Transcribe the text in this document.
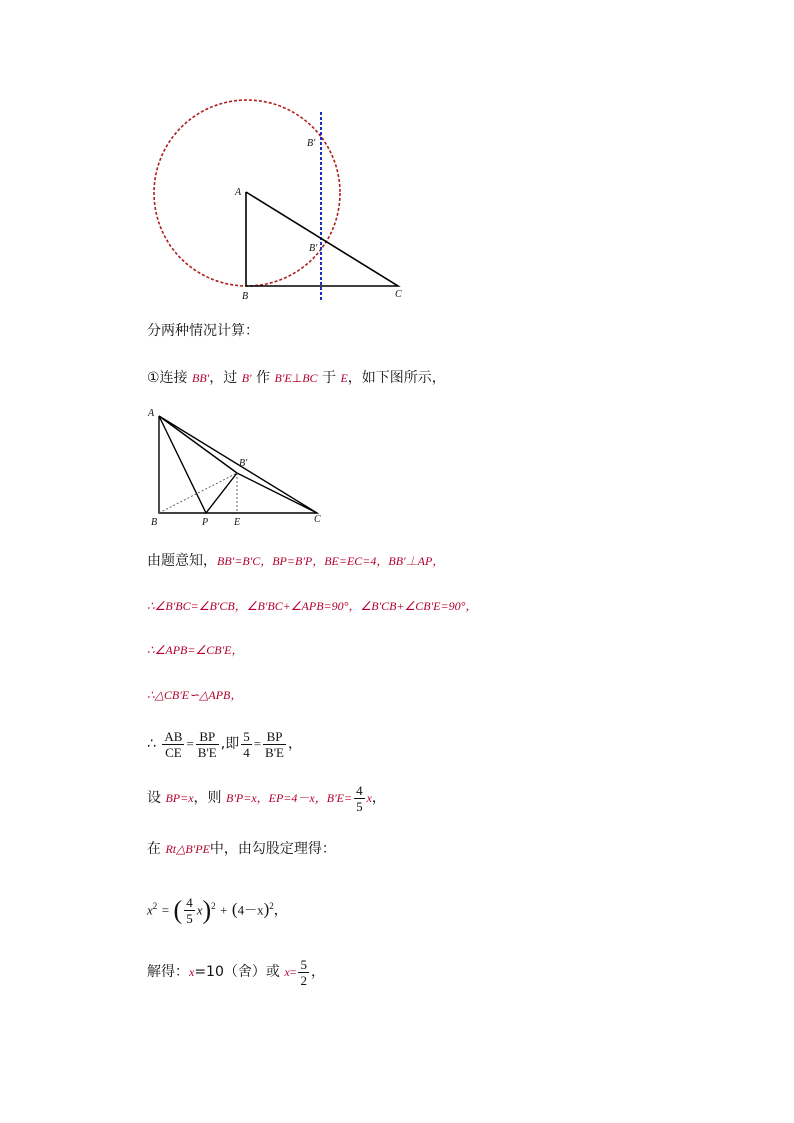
A
B	C
B'
B'
分两种情况计算：
①连接 BB'，过 B' 作 B'E⊥BC 于 E，如下图所示，
A
B	C
P	E
B'
由题意知，BB'=B'C，BP=B'P，BE=EC=4，BB'⊥AP，
∴∠B'BC=∠B'CB，∠B'BC+∠APB=90°，∠B'CB+∠CB'E=90°，
∴∠APB=∠CB'E，
∴△CB'E∽△APB，
∴ $\frac{AB}{CE} = \frac{BP}{B'E}$ ,即 $\frac{5}{4} = \frac{BP}{B'E}$ ，
设 BP=x，则 B'P=x，EP=4－x，$B'E= \frac{4}{5}$ x，
在 Rt△B'PE中，由勾股定理得：
$x^2$ = ( $\frac{4}{5} x)^2 + (4-x)^2$，
解得：x=10（舍）或 $x= \frac{5}{2}$ ，
